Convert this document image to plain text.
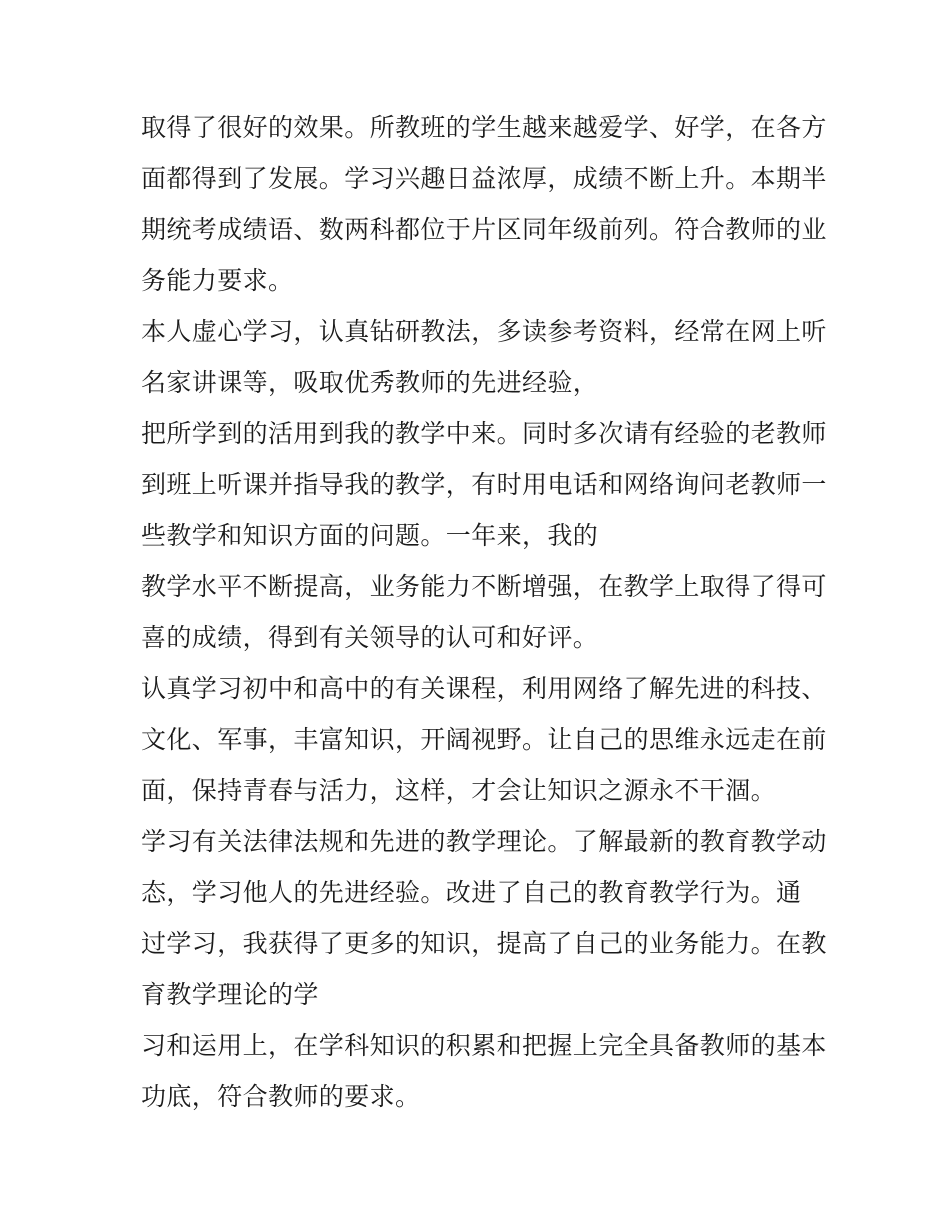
取得了很好的效果。所教班的学生越来越爱学、好学，在各方
面都得到了发展。学习兴趣日益浓厚，成绩不断上升。本期半
期统考成绩语、数两科都位于片区同年级前列。符合教师的业
务能力要求。
本人虚心学习，认真钻研教法，多读参考资料，经常在网上听
名家讲课等，吸取优秀教师的先进经验，
把所学到的活用到我的教学中来。同时多次请有经验的老教师
到班上听课并指导我的教学，有时用电话和网络询问老教师一
些教学和知识方面的问题。一年来，我的
教学水平不断提高，业务能力不断增强，在教学上取得了得可
喜的成绩，得到有关领导的认可和好评。
认真学习初中和高中的有关课程，利用网络了解先进的科技、
文化、军事，丰富知识，开阔视野。让自己的思维永远走在前
面，保持青春与活力，这样，才会让知识之源永不干涸。
学习有关法律法规和先进的教学理论。了解最新的教育教学动
态，学习他人的先进经验。改进了自己的教育教学行为。通
过学习，我获得了更多的知识，提高了自己的业务能力。在教
育教学理论的学
习和运用上，在学科知识的积累和把握上完全具备教师的基本
功底，符合教师的要求。
